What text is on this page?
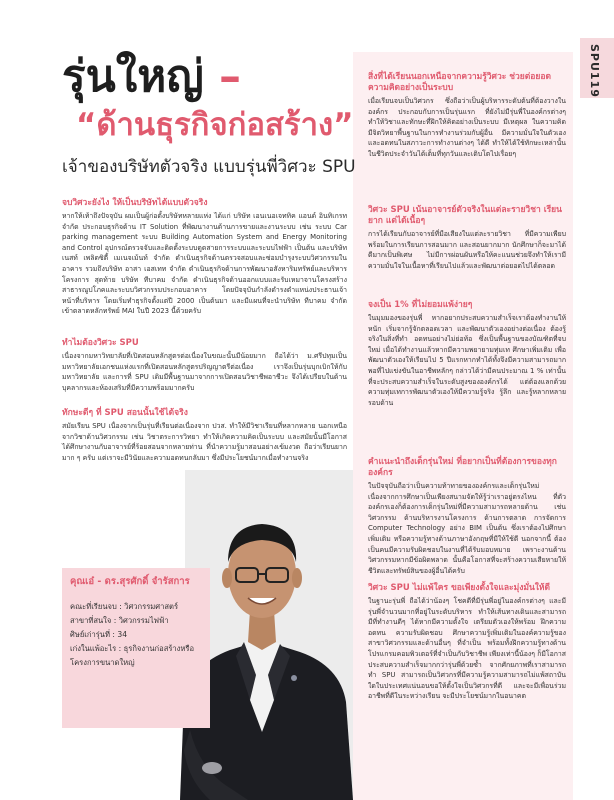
SPU119
รุ่นใหญ่ –
“ด้านธุรกิจก่อสร้าง”
เจ้าของบริษัทตัวจริง แบบรุ่นพี่วิศวะ SPU
จบวิศวะยังไง ให้เป็นบริษัทได้แบบตัวจริง
หากให้เท้าถึงปัจจุบัน ผมเป็นผู้ก่อตั้งบริษัทหลายแห่ง ได้แก่ บริษัท เอนเนอเจททิค แอนด์ อินทิเกรท จำกัด ประกอบธุรกิจด้าน IT Solution ที่พัฒนางานด้านการขายและงานระบบ เช่น ระบบ Car parking management ระบบ Building Automation System and Energy Monitoring and Control อุปกรณ์ตรวจจับและติดตั้งระบบดูดสายการระบบและระบบไฟฟ้า เป็นต้น และบริษัท เนสท์ เพลิดซิตี้ เมเนจเม้นท์ จำกัด ดำเนินธุรกิจด้านตรวจสอบและซ่อมบำรุงระบบวิศวกรรมในอาคาร รวมถึงบริษัท อาสา เอสเทท จำกัด ดำเนินธุรกิจด้านการพัฒนาอสังหาริมทรัพย์และบริหารโครงการ สุดท้าย บริษัท ทีบาคม จำกัด ดำเนินธุรกิจด้านออกแบบและรับเหมาจานโครงสร้างสาธารณูปโภคและระบบวิศวกรรมประกอบอาคาร โดยปัจจุบันกำลังดำรงตำแหน่งประธานเจ้าหน้าที่บริหาร โดยเริ่มทำธุรกิจตั้งแต่ปี 2000 เป็นต้นมา และมีแผนที่จะนำบริษัท ทีบาคม จำกัด เข้าตลาดหลักทรัพย์ MAI ในปี 2023 นี้ด้วยครับ
ทำไมต้องวิศวะ SPU
เนื่องจากมหาวิทยาลัยที่เปิดสอนหลักสูตรต่อเนื่องในขณะนั้นมีน้อยมาก ถือได้ว่า ม.ศรีปทุมเป็นมหาวิทยาลัยเอกชนแห่งแรกที่เปิดสอนหลักสูตรปริญญาตรีต่อเนื่อง เราจึงเป็นรุ่นบุกเบิกให้กับมหาวิทยาลัย และการที่ SPU เดิมมีพื้นฐานมาจากการเปิดสอนวิชาชีพอาชีวะ จึงได้เปรียบในด้านบุคลากรและห้องเสริมที่มีความพร้อมมากครับ
ทักษะดีๆ ที่ SPU สอนนั้นใช้ได้จริง
สมัยเรียน SPU เนื่องจากเป็นรุ่นที่เรียนต่อเนื่องจาก ปวส. ทำให้มีวิชาเรียนที่หลากหลาย นอกเหนือจากวิชาด้านวิศวกรรม เช่น วิชาตระการวิทยา ทำให้เกิดความคิดเป็นระบบ และสมัยนั้นมีโอกาสได้ศึกษางานกับอาจารย์ที่ร้อยสอนจากหลายท่าน ที่นำความรู้มาสอนอย่างเข้มงวด ถือว่าเรียนยากมาก ๆ ครับ แต่เราจะมีวินัยและความอดทนกลับมา ซึ่งมีประโยชน์มากเมื่อทำงานจริง
สิ่งที่ได้เรียนนอกเหนือจากความรู้วิศวะ ช่วยต่อยอดความคิดอย่างเป็นระบบ
เมื่อเรียนจบเป็นวิศวกร ซึ่งถือว่าเป็นผู้บริหารระดับต้นที่ต้องวางในองค์กร ประกอบกับการเป็นรุ่นแรก ที่ยังไม่มีรุ่นพี่ในองค์กรต่างๆ ทำให้วิชาและทักษะที่ฝึกให้คิดอย่างเป็นระบบ มีเหตุผล ในความคิด มีจิตวิทยาพื้นฐานในการทำงานร่วมกับผู้อื่น มีความมั่นใจในตัวเองและอดทนในสภาวะการทำงานต่างๆ ได้ดี ทำให้ได้ใช้ทักษะเหล่านั้นในชีวิตประจำวันได้เต็มที่ทุกวันและเติบโตไปเรื่อยๆ
วิศวะ SPU เน้นอาจารย์ตัวจริงในแต่ละรายวิชา เรียนยาก แต่ได้เนื้อๆ
การได้เรียนกับอาจารย์ที่มือเสียงในแต่ละรายวิชา ที่มีความเพียบพร้อมในการเรียนการสอนมาก และสอนยากมาก นักศึกษาก็จะมาได้ดีมากเป็นพิเศษ ไม่มีการผ่อนผันหรือให้คะแนนช่วยจึงทำให้เรามีความมั่นใจในเนื้อหาที่เรียนไปแล้วและพัฒนาต่อยอดไปได้ตลอด
จงเป็น 1% ที่ไม่ยอมแพ้ง่ายๆ
ในมุมมองของรุ่นพี่ หากอยากประสบความสำเร็จเราต้องทำงานให้หนัก เริ่มจากรู้จักตลอดเวลา และพัฒนาตัวเองอย่างต่อเนื่อง ต้องรู้จริงในสิ่งที่ทำ อดทนอย่างไม่ย่อท้อ ซึ่งเป็นพื้นฐานของบัณฑิตที่จบใหม่ เมื่อได้ทำงานแล้วหากมีความพยายามทุ่มเท ศึกษาเพิ่มเติม เพื่อพัฒนาตัวเองให้เรียนไป 5 ปีแรกหากทำได้ทั้งจึงมีความสามารถมากพอที่ไปแข่งขันในอาชีพหลักๆ กล่าวได้ว่ามีคนประมาณ 1 % เท่านั้นที่จะประสบความสำเร็จในระดับสูงขององค์กรได้ แต่ต้องแลกด้วยความทุ่มเทการพัฒนาตัวเองให้มีความรู้จริง รู้ลึก และรู้หลากหลายรอบด้าน
คำแนะนำถึงเด็กรุ่นใหม่ ที่อยากเป็นที่ต้องการของทุกองค์กร
ในปัจจุบันถือว่าเป็นความท้าทายขององค์กรและเด็กรุ่นใหม่ เนื่องจากการศึกษาเป็นเพียงสนามจัดให้รู้ว่าเราอยู่ตรงไหน ที่ตัวองค์กรเองก็ต้องการเด็กรุ่นใหม่ที่มีความสามารถหลายด้าน เช่น วิศวกรรม ด้านบริหารงานโครงการ ด้านการตลาด การจัดการ Computer Technology อย่าง BIM เป็นต้น ซึ่งเราต้องไปศึกษาเพิ่มเติม หรือความรู้ทางด้านภาษาอังกฤษที่มีให้ใช้ดี นอกจากนี้ ต้องเป็นคนมีความรับผิดชอบในงานที่ได้รับมอบหมาย เพราะงานด้านวิศวกรรมหากมีข้อผิดพลาด นั้นคือโอกาสที่จะสร้างความเสียหายให้ชีวิตและทรัพย์สินของผู้อื่นได้ครับ
วิศวะ SPU ไม่แพ้ใคร ขอเพียงตั้งใจและมุ่งมั่นให้ดี
ในฐานะรุ่นพี่ ถือได้ว่าน้องๆ โชคดีที่มีรุ่นพี่อยู่ในองค์กรต่างๆ และมีรุ่นพี่จำนวนมากที่อยู่ในระดับบริหาร ทำให้เส้นทางเดินและสามารถมีที่ทำงานดีๆ ได้หากมีความตั้งใจ เตรียมตัวเองให้พร้อม ฝึกความอดทน ความรับผิดชอบ ศึกษาความรู้เพิ่มเติมในองค์ความรู้ของสาขาวิศวกรรมและด้านอื่นๆ ที่จำเป็น พร้อมทั้งฝึกความรู้ทางด้านโปรแกรมคอมพิวเตอร์ที่จำเป็นกับวิชาชีพ เพียงเท่านี้น้องๆ ก็มีโอกาสประสบความสำเร็จมากกว่ารุ่นพี่ด้วยซ้ำ จากศักยภาพที่เราสามารถทำ SPU สามารถเป็นวิศวกรที่มีความรู้ความสามารถไม่แพ้สถาบันใดในประเทศแน่นอนขอให้ตั้งใจเป็นวิศวกรที่ดี และจะมีเพื่อนร่วมอาชีพที่ดีในระหว่างเรียน จะมีประโยชน์มากในอนาคต
คุณเอ๋ - ดร.สุรศักดิ์ จำรัสการ
คณะที่เรียนจบ : วิศวกรรมศาสตร์
สาขาที่สนใจ : วิศวกรรมไฟฟ้า
ศิษย์เก่ารุ่นที่ : 34
เก่งในแพ้อะไร : ธุรกิจงานก่อสร้างหรือโครงการขนาดใหญ่
